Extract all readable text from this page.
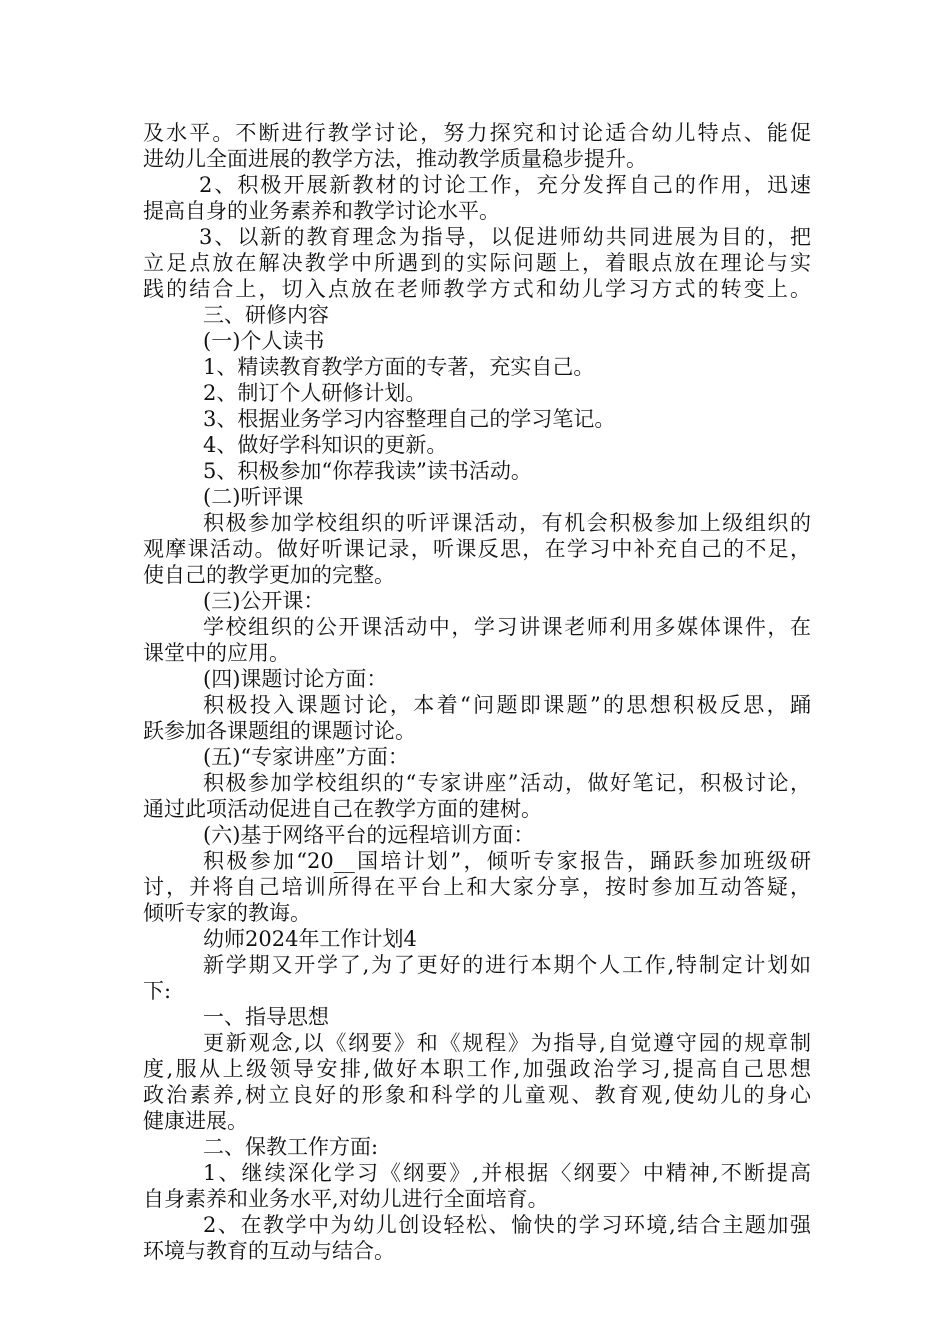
及水平。不断进行教学讨论，努力探究和讨论适合幼儿特点、能促
进幼儿全面进展的教学方法，推动教学质量稳步提升。
2、积极开展新教材的讨论工作，充分发挥自己的作用，迅速
提高自身的业务素养和教学讨论水平。
3、以新的教育理念为指导，以促进师幼共同进展为目的，把
立足点放在解决教学中所遇到的实际问题上，着眼点放在理论与实
践的结合上，切入点放在老师教学方式和幼儿学习方式的转变上。
三、研修内容
(一)个人读书
1、精读教育教学方面的专著，充实自己。
2、制订个人研修计划。
3、根据业务学习内容整理自己的学习笔记。
4、做好学科知识的更新。
5、积极参加“你荐我读”读书活动。
(二)听评课
积极参加学校组织的听评课活动，有机会积极参加上级组织的
观摩课活动。做好听课记录，听课反思，在学习中补充自己的不足，
使自己的教学更加的完整。
(三)公开课：
学校组织的公开课活动中，学习讲课老师利用多媒体课件，在
课堂中的应用。
(四)课题讨论方面：
积极投入课题讨论，本着“问题即课题”的思想积极反思，踊
跃参加各课题组的课题讨论。
(五)“专家讲座”方面：
积极参加学校组织的“专家讲座”活动，做好笔记，积极讨论，
通过此项活动促进自己在教学方面的建树。
(六)基于网络平台的远程培训方面：
积极参加“20__国培计划”，倾听专家报告，踊跃参加班级研
讨，并将自己培训所得在平台上和大家分享，按时参加互动答疑，
倾听专家的教诲。
幼师2024年工作计划4
新学期又开学了,为了更好的进行本期个人工作,特制定计划如
下:
一、指导思想
更新观念,以《纲要》和《规程》为指导,自觉遵守园的规章制
度,服从上级领导安排,做好本职工作,加强政治学习,提高自己思想
政治素养,树立良好的形象和科学的儿童观、教育观,使幼儿的身心
健康进展。
二、保教工作方面:
1、继续深化学习《纲要》,并根据〈纲要〉中精神,不断提高
自身素养和业务水平,对幼儿进行全面培育。
2、在教学中为幼儿创设轻松、愉快的学习环境,结合主题加强
环境与教育的互动与结合。
